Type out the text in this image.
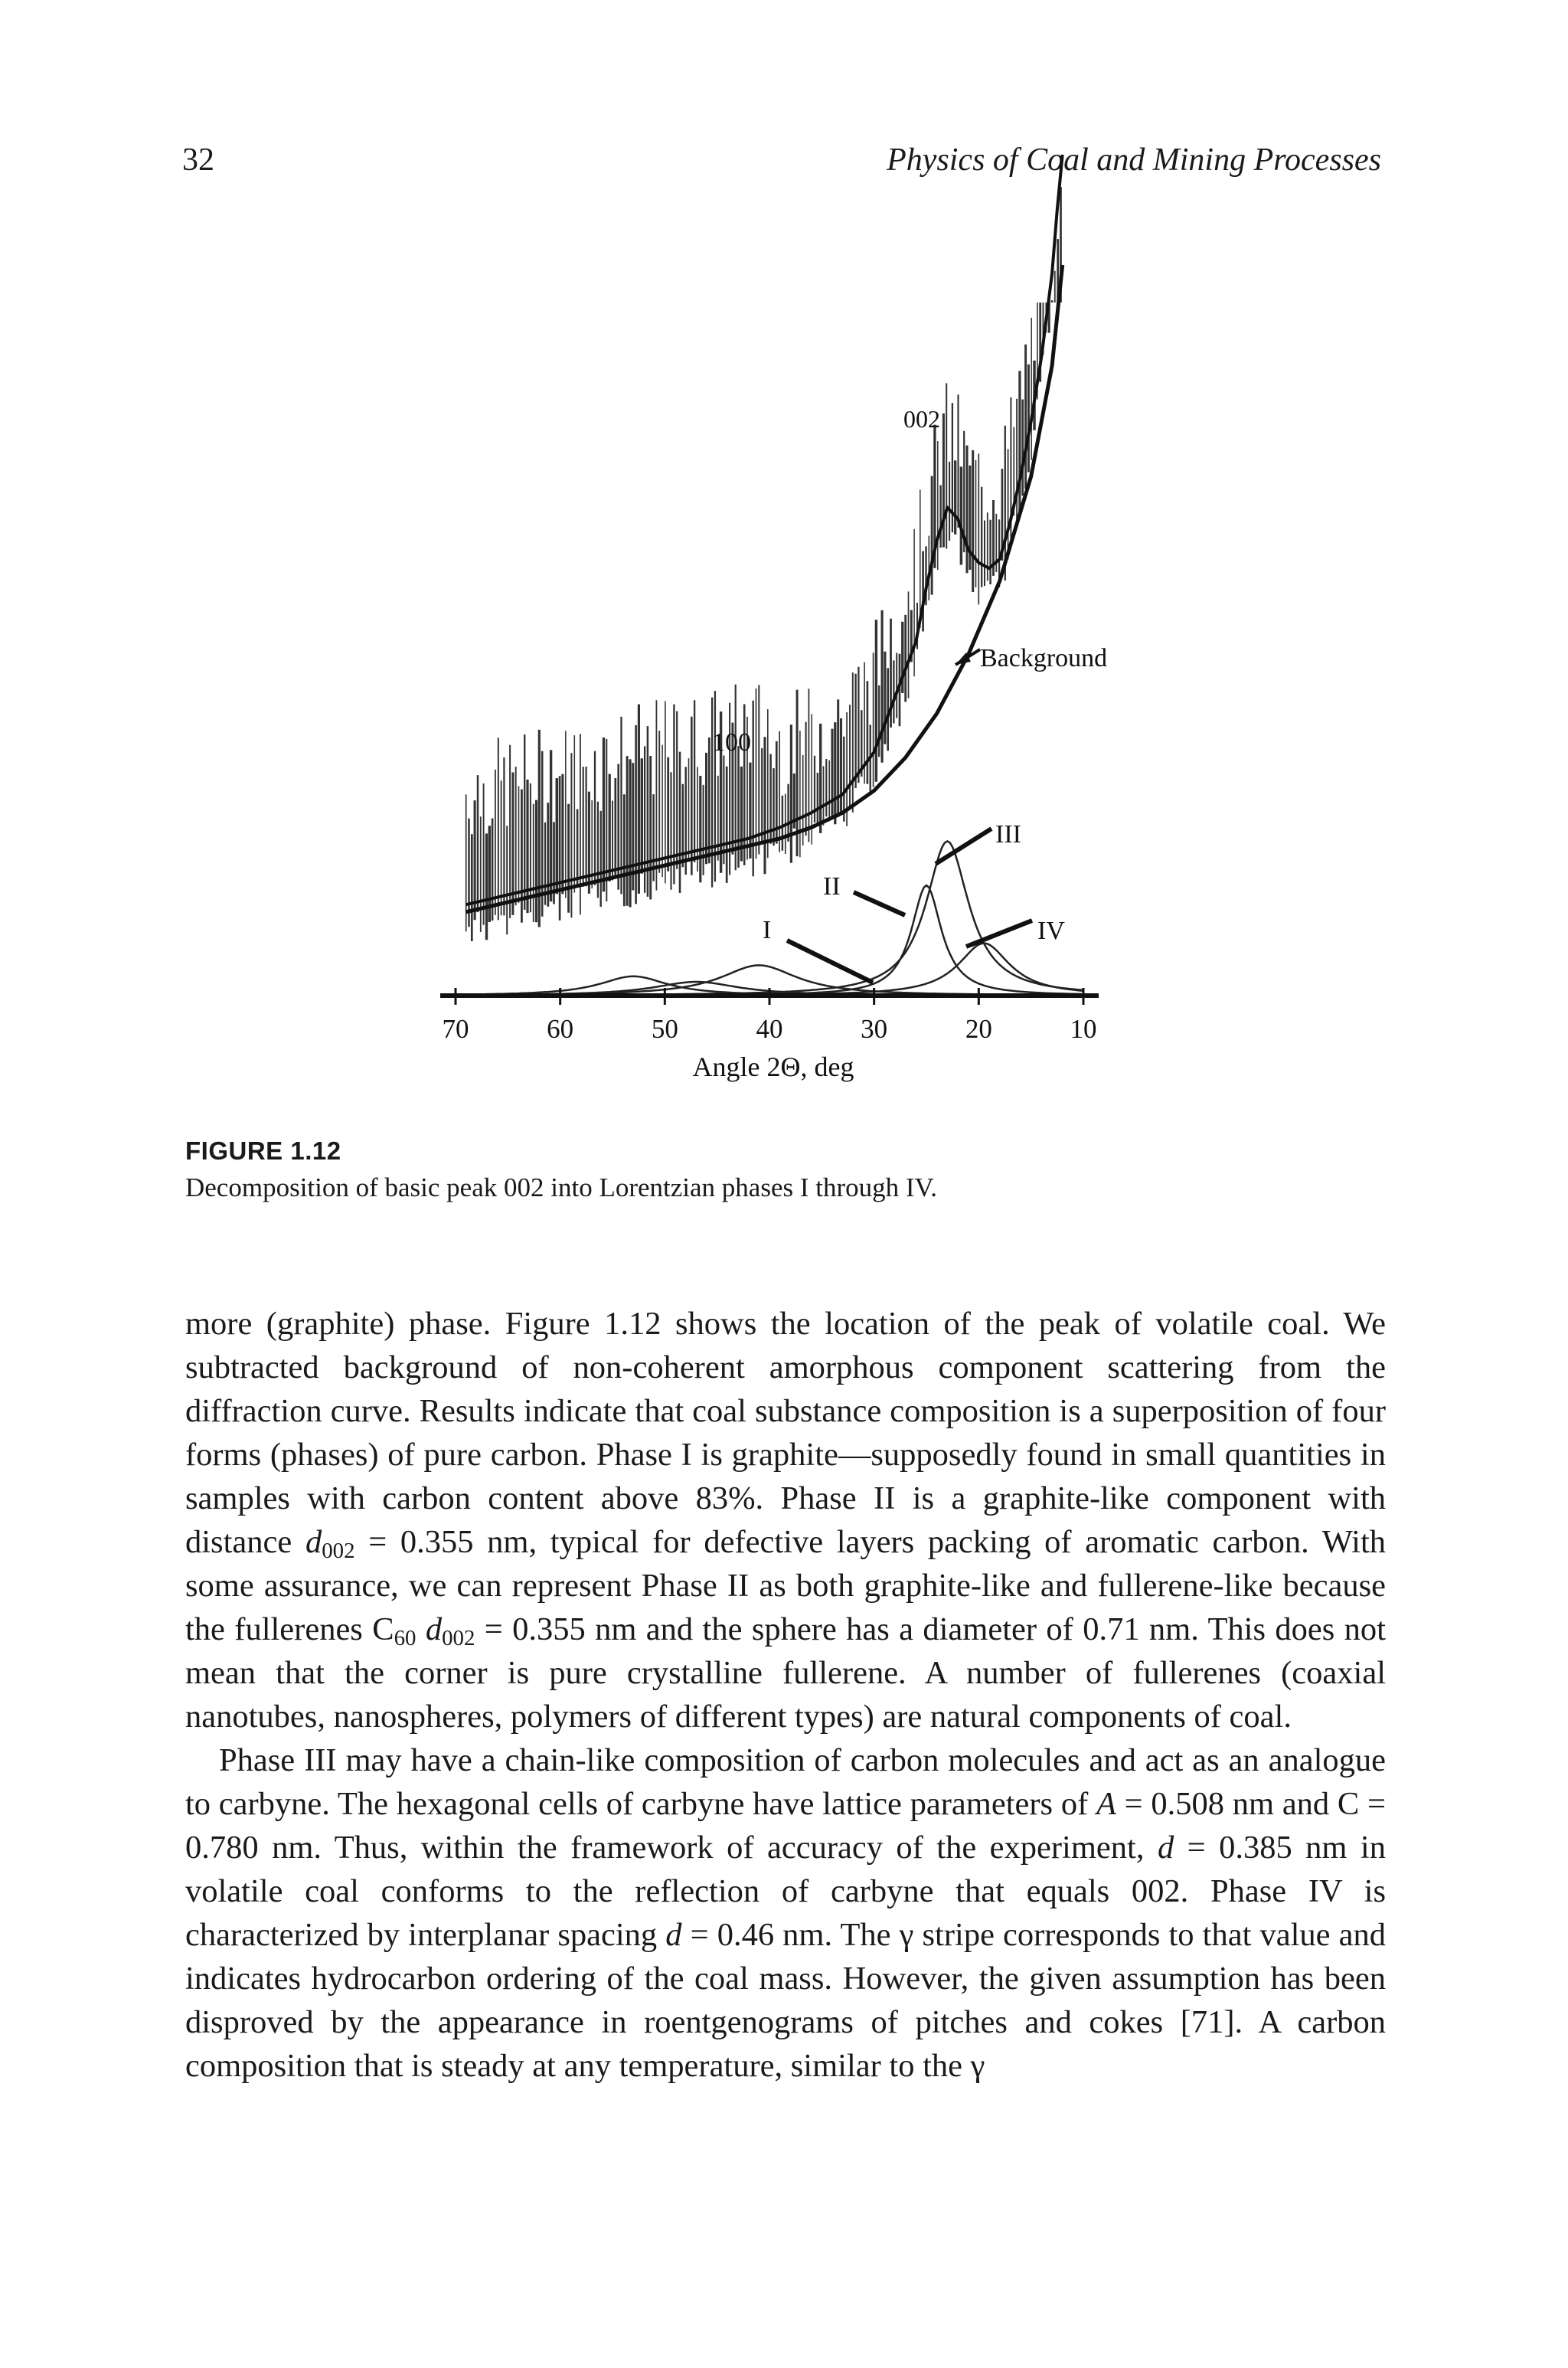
32	Physics of Coal and Mining Processes
70	60	50	40	30	20	10
002
100
Background
I
II
III
IV
Angle 2Θ, deg
FIGURE 1.12
Decomposition of basic peak 002 into Lorentzian phases I through IV.

more (graphite) phase. Figure 1.12 shows the location of the peak of volatile coal. We subtracted background of non-coherent amorphous component scattering from the diffraction curve. Results indicate that coal substance composition is a superposition of four forms (phases) of pure carbon. Phase I is graphite—supposedly found in small quantities in samples with carbon content above 83%. Phase II is a graphite-like component with distance $d_{002} = 0.355$ nm, typical for defective layers packing of aromatic carbon. With some assurance, we can represent Phase II as both graphite-like and fullerene-like because the fullerenes $C_{60}$ $d_{002} = 0.355$ nm and the sphere has a diameter of 0.71 nm. This does not mean that the corner is pure crystalline fullerene. A number of fullerenes (coaxial nanotubes, nanospheres, polymers of different types) are natural components of coal.

Phase III may have a chain-like composition of carbon molecules and act as an analogue to carbyne. The hexagonal cells of carbyne have lattice parameters of A = 0.508 nm and C = 0.780 nm. Thus, within the framework of accuracy of the experiment, d = 0.385 nm in volatile coal conforms to the reflection of carbyne that equals 002. Phase IV is characterized by interplanar spacing d = 0.46 nm. The γ stripe corresponds to that value and indicates hydrocarbon ordering of the coal mass. However, the given assumption has been disproved by the appearance in roentgenograms of pitches and cokes [71]. A carbon composition that is steady at any temperature, similar to the γ
